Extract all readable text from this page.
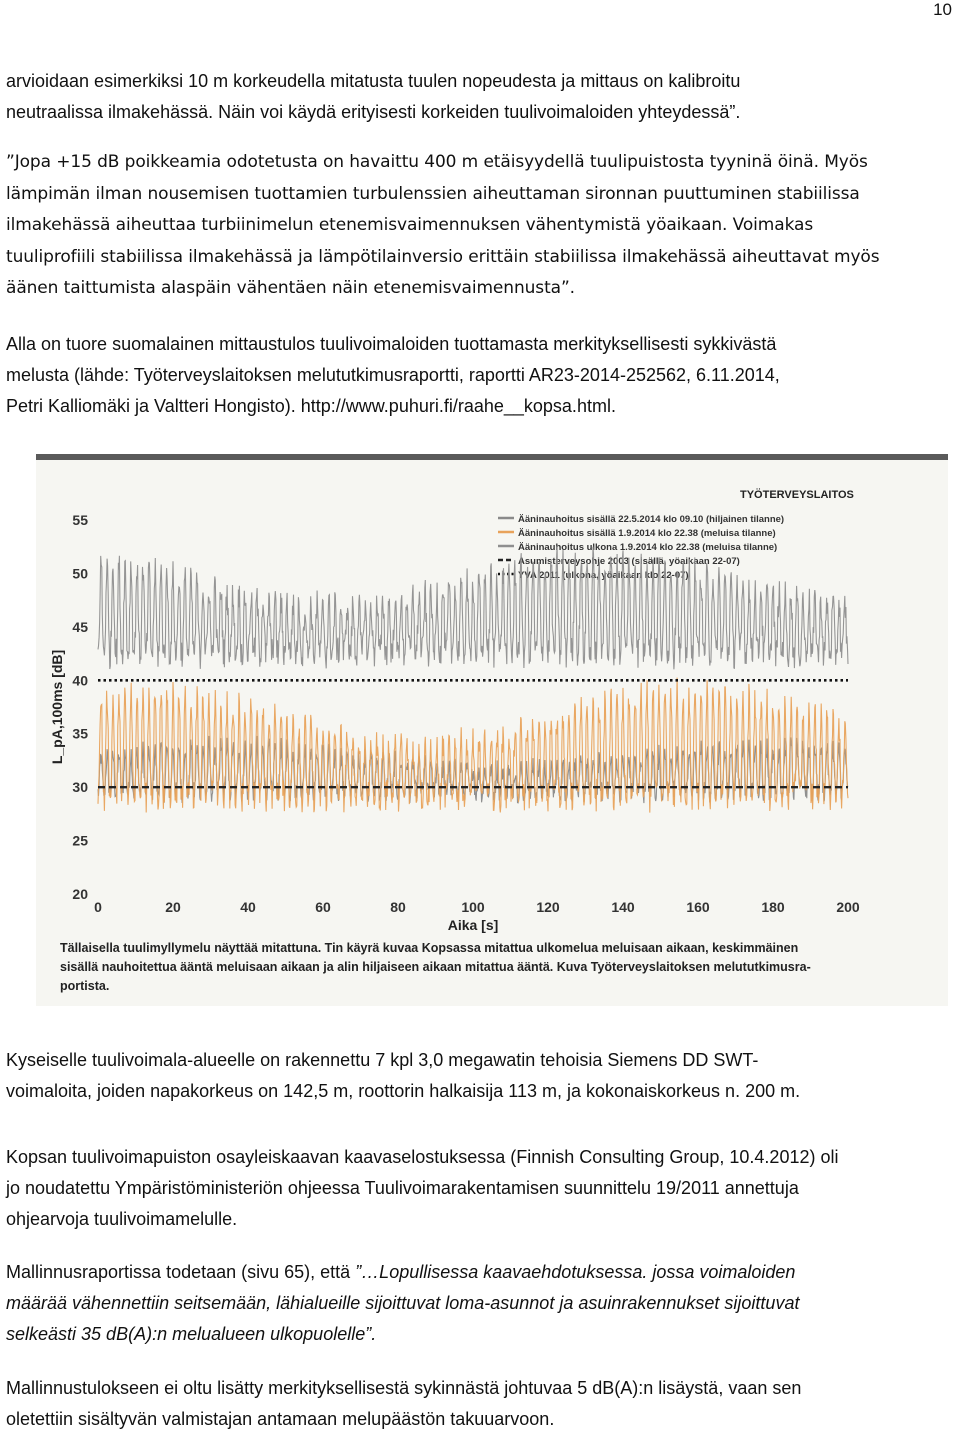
10

arvioidaan esimerkiksi 10 m korkeudella mitatusta tuulen nopeudesta ja mittaus on kalibroitu

neutraalissa ilmakehässä. Näin voi käydä erityisesti korkeiden tuulivoimaloiden yhteydessä”.

”Jopa +15 dB poikkeamia odotetusta on havaittu 400 m etäisyydellä tuulipuistosta tyyninä öinä. Myös

lämpimän ilman nousemisen tuottamien turbulenssien aiheuttaman sironnan puuttuminen stabiilissa

ilmakehässä aiheuttaa turbiinimelun etenemisvaimennuksen vähentymistä yöaikaan. Voimakas

tuuliprofiili stabiilissa ilmakehässä ja lämpötilainversio erittäin stabiilissa ilmakehässä aiheuttavat myös

äänen taittumista alaspäin vähentäen näin etenemisvaimennusta”.

Alla on tuore suomalainen mittaustulos tuulivoimaloiden tuottamasta merkityksellisesti sykkivästä

melusta (lähde: Työterveyslaitoksen melututkimusraportti, raportti AR23-2014-252562, 6.11.2014,

Petri Kalliomäki ja Valtteri Hongisto). http://www.puhuri.fi/raahe__kopsa.html.

TYÖTERVEYSLAITOS
Ääninauhoitus sisällä 22.5.2014 klo 09.10 (hiljainen tilanne)
Ääninauhoitus sisällä 1.9.2014 klo 22.38 (meluisa tilanne)
Ääninauhoitus ulkona 1.9.2014 klo 22.38 (meluisa tilanne)
Asumisterveysohje 2003 (sisällä, yöaikaan 22-07)
YVA 2011 (ulkona, yöaikaan klo 22-07)
20
25
30
35
40
45
50
55
0	20	40	60	80	100	120	140	160	180	200
L_pA,100ms [dB]
Aika [s]
Tällaisella tuulimyllymelu näyttää mitattuna. Tin käyrä kuvaa Kopsassa mitattua ulkomelua meluisaan aikaan, keskimmäinen
sisällä nauhoitettua ääntä meluisaan aikaan ja alin hiljaiseen aikaan mitattua ääntä. Kuva Työterveyslaitoksen melututkimusra-
portista.

Kyseiselle tuulivoimala-alueelle on rakennettu 7 kpl 3,0 megawatin tehoisia Siemens DD SWT-

voimaloita, joiden napakorkeus on 142,5 m, roottorin halkaisija 113 m, ja kokonaiskorkeus n. 200 m.

Kopsan tuulivoimapuiston osayleiskaavan kaavaselostuksessa (Finnish Consulting Group, 10.4.2012) oli

jo noudatettu Ympäristöministeriön ohjeessa Tuulivoimarakentamisen suunnittelu 19/2011 annettuja

ohjearvoja tuulivoimamelulle.

Mallinnusraportissa todetaan (sivu 65), että ”…Lopullisessa kaavaehdotuksessa. jossa voimaloiden

määrää vähennettiin seitsemään, lähialueille sijoittuvat loma-asunnot ja asuinrakennukset sijoittuvat

selkeästi 35 dB(A):n melualueen ulkopuolelle”.

Mallinnustulokseen ei oltu lisätty merkityksellisestä sykinnästä johtuvaa 5 dB(A):n lisäystä, vaan sen

oletettiin sisältyvän valmistajan antamaan melupäästön takuuarvoon.
